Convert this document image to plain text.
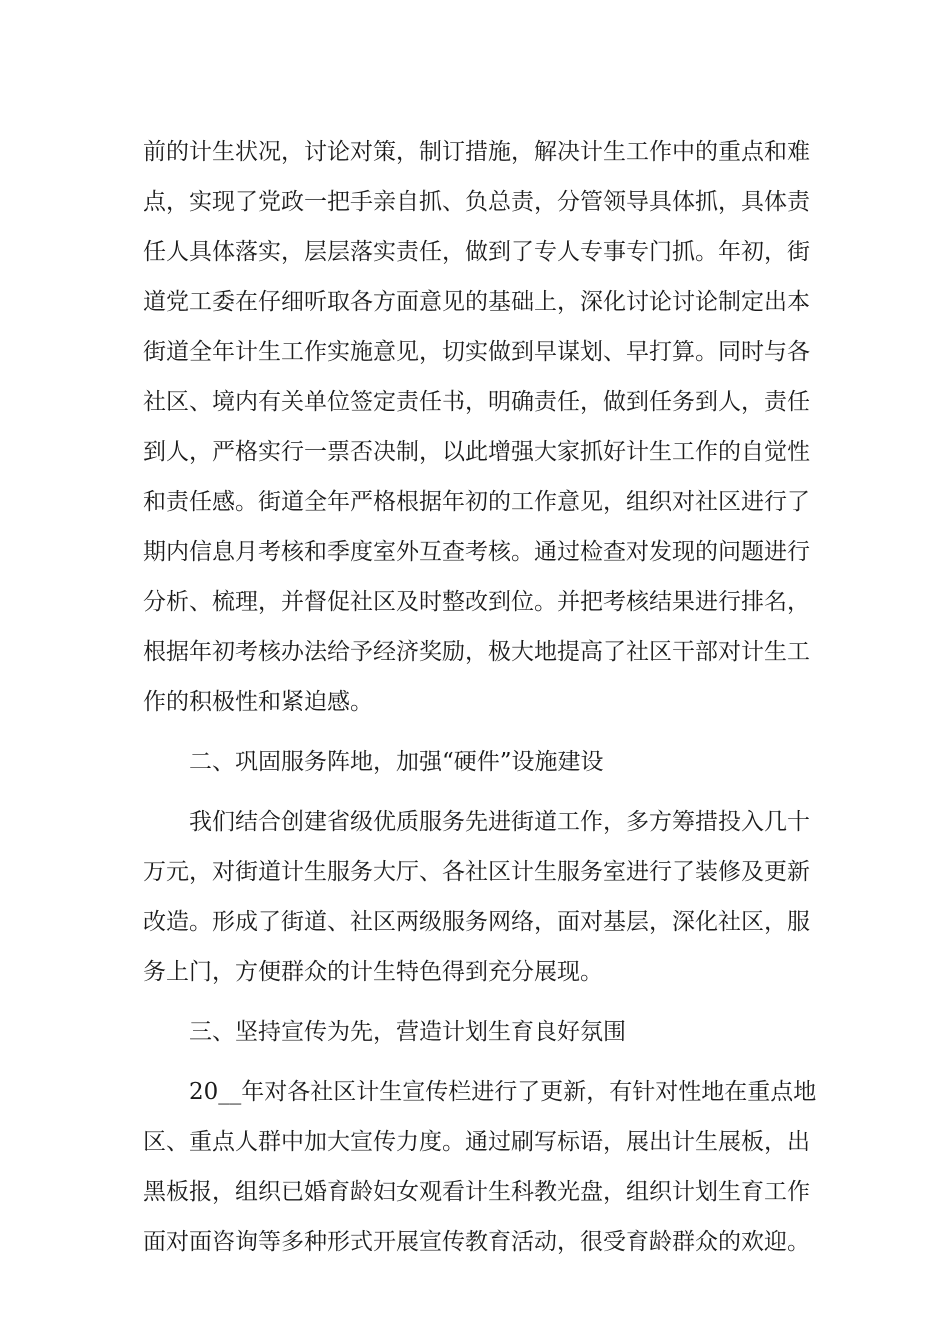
前的计生状况，讨论对策，制订措施，解决计生工作中的重点和难
点，实现了党政一把手亲自抓、负总责，分管领导具体抓，具体责
任人具体落实，层层落实责任，做到了专人专事专门抓。年初，街
道党工委在仔细听取各方面意见的基础上，深化讨论讨论制定出本
街道全年计生工作实施意见，切实做到早谋划、早打算。同时与各
社区、境内有关单位签定责任书，明确责任，做到任务到人，责任
到人，严格实行一票否决制，以此增强大家抓好计生工作的自觉性
和责任感。街道全年严格根据年初的工作意见，组织对社区进行了
期内信息月考核和季度室外互查考核。通过检查对发现的问题进行
分析、梳理，并督促社区及时整改到位。并把考核结果进行排名，
根据年初考核办法给予经济奖励，极大地提高了社区干部对计生工
作的积极性和紧迫感。
二、巩固服务阵地，加强“硬件”设施建设
我们结合创建省级优质服务先进街道工作，多方筹措投入几十
万元，对街道计生服务大厅、各社区计生服务室进行了装修及更新
改造。形成了街道、社区两级服务网络，面对基层，深化社区，服
务上门，方便群众的计生特色得到充分展现。
三、坚持宣传为先，营造计划生育良好氛围
20__年对各社区计生宣传栏进行了更新，有针对性地在重点地
区、重点人群中加大宣传力度。通过刷写标语，展出计生展板，出
黑板报，组织已婚育龄妇女观看计生科教光盘，组织计划生育工作
面对面咨询等多种形式开展宣传教育活动，很受育龄群众的欢迎。
